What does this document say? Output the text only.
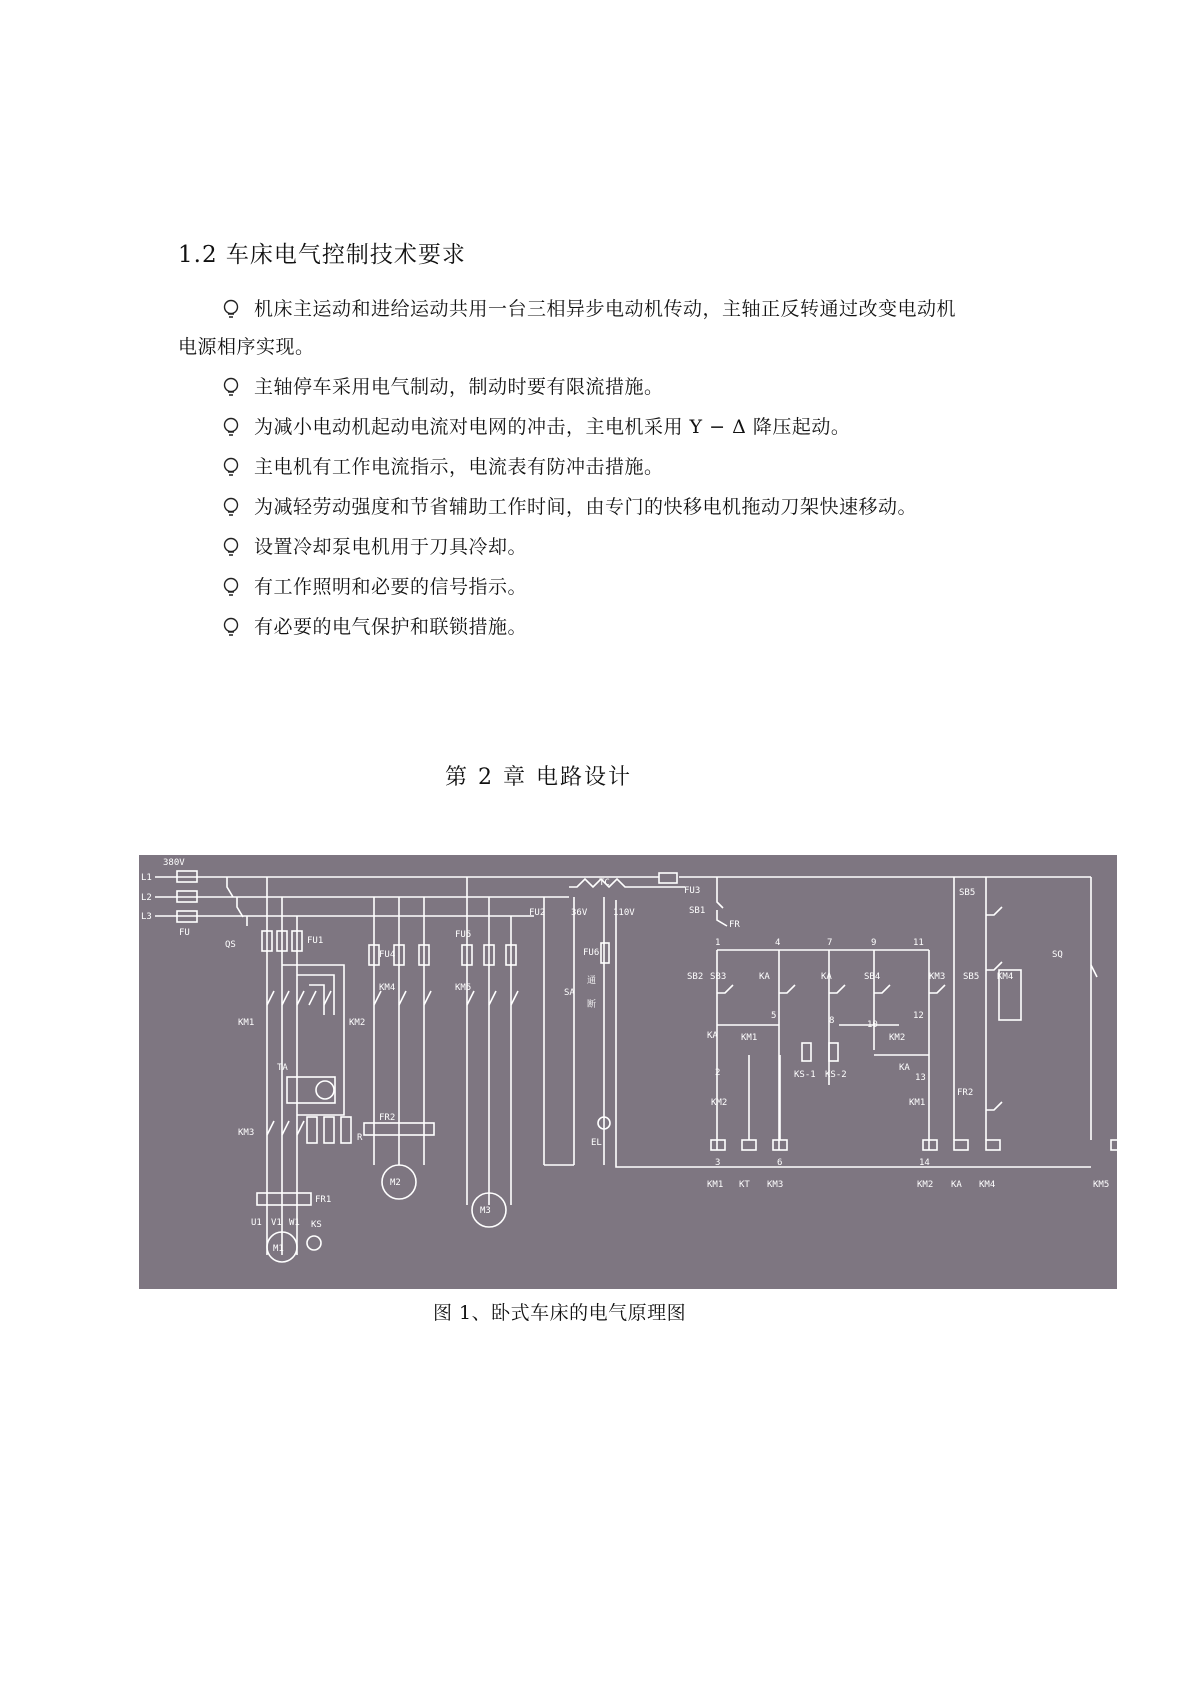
1.2 车床电气控制技术要求
机床主运动和进给运动共用一台三相异步电动机传动，主轴正反转通过改变电动机
电源相序实现。
主轴停车采用电气制动，制动时要有限流措施。
为减小电动机起动电流对电网的冲击，主电机采用 Y − Δ 降压起动。
主电机有工作电流指示，电流表有防冲击措施。
为减轻劳动强度和节省辅助工作时间，由专门的快移电机拖动刀架快速移动。
设置冷却泵电机用于刀具冷却。
有工作照明和必要的信号指示。
有必要的电气保护和联锁措施。
第 2 章 电路设计
380V
L1
L2
L3
FU
QS	FU1
KM1	KM2
TA
KM3	R
FR1
U1 V1 W1 KS
M1
FU4
FU5
KM4	KM5
FR2
M2
M3
FU2
TC
36V	110V
FU6
SA
通
断
EL
FU3
SB1
FR
SB2 SB3	KA	KA	SB4	KM3 SB5 KM4
SB5
SQ
KA	KM1	KM2
KA
KS-1 KS-2
KM2	KM1
FR2
1	4	7	9	11
5	8	10
12
2	13
3	6	14
KM1 KT KM3	KM2 KA KM4	KM5
图 1、卧式车床的电气原理图
